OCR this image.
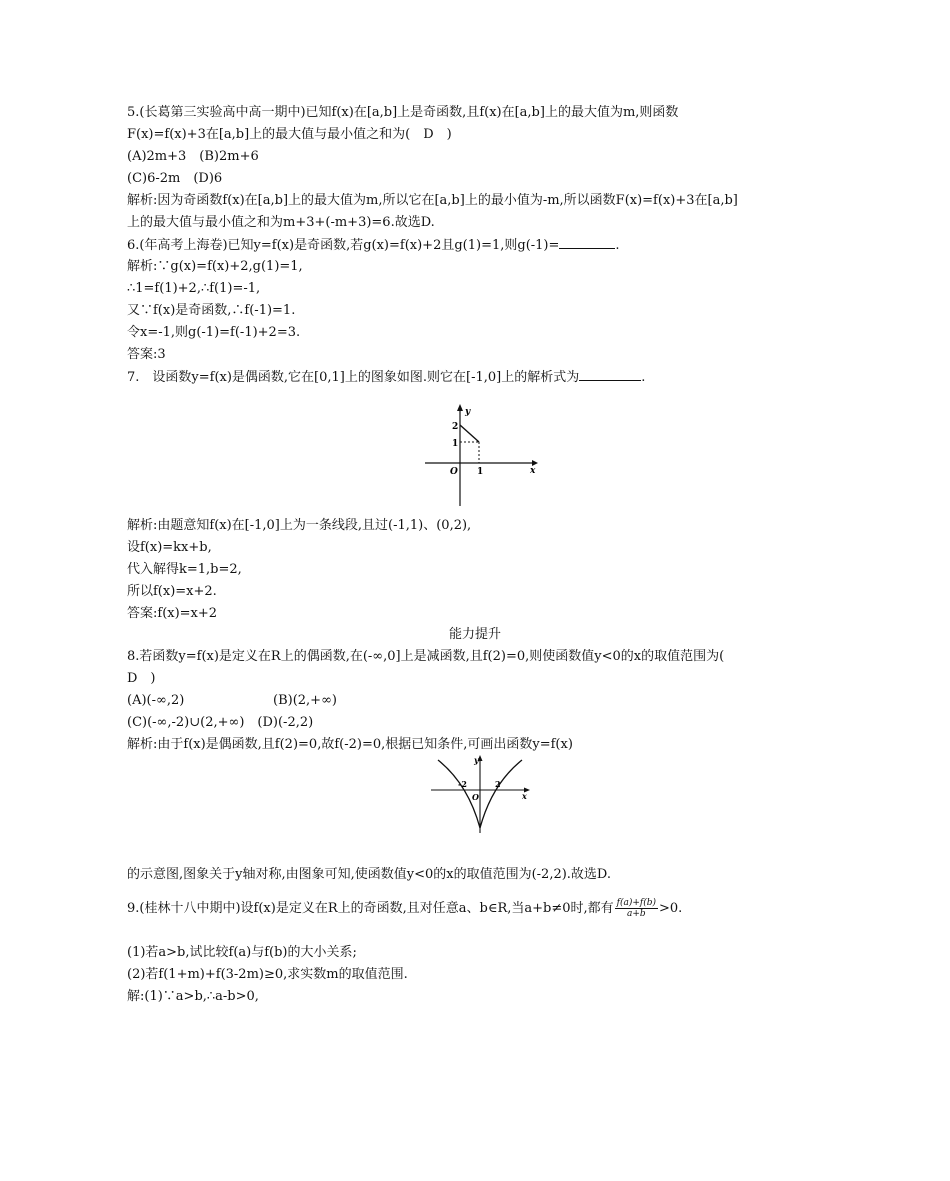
5.(长葛第三实验高中高一期中)已知f(x)在[a,b]上是奇函数,且f(x)在[a,b]上的最大值为m,则函数
F(x)=f(x)+3在[a,b]上的最大值与最小值之和为(　D　)
(A)2m+3　(B)2m+6
(C)6-2m　(D)6
解析:因为奇函数f(x)在[a,b]上的最大值为m,所以它在[a,b]上的最小值为-m,所以函数F(x)=f(x)+3在[a,b]
上的最大值与最小值之和为m+3+(-m+3)=6.故选D.
6.(年高考上海卷)已知y=f(x)是奇函数,若g(x)=f(x)+2且g(1)=1,则g(-1)=	.
解析:∵g(x)=f(x)+2,g(1)=1,
∴1=f(1)+2,∴f(1)=-1,
又∵f(x)是奇函数,∴f(-1)=1.
令x=-1,则g(-1)=f(-1)+2=3.
答案:3
7.　设函数y=f(x)是偶函数,它在[0,1]上的图象如图.则它在[-1,0]上的解析式为	.
y
x
O
2
1
1
解析:由题意知f(x)在[-1,0]上为一条线段,且过(-1,1)、(0,2),
设f(x)=kx+b,
代入解得k=1,b=2,
所以f(x)=x+2.
答案:f(x)=x+2
能力提升
8.若函数y=f(x)是定义在R上的偶函数,在(-∞,0]上是减函数,且f(2)=0,则使函数值y<0的x的取值范围为(
D　)
(A)(-∞,2)	(B)(2,+∞)
(C)(-∞,-2)∪(2,+∞)　(D)(-2,2)
解析:由于f(x)是偶函数,且f(2)=0,故f(-2)=0,根据已知条件,可画出函数y=f(x)
y
x
O
-2	2
的示意图,图象关于y轴对称,由图象可知,使函数值y<0的x的取值范围为(-2,2).故选D.
9.(桂林十八中期中)设f(x)是定义在R上的奇函数,且对任意a、b∈R,当a+b≠0时,都有 $\frac{f(a)+f(b)}{a+b} >0$.
(1)若a>b,试比较f(a)与f(b)的大小关系;
(2)若f(1+m)+f(3-2m)≥0,求实数m的取值范围.
解:(1)∵a>b,∴a-b>0,
